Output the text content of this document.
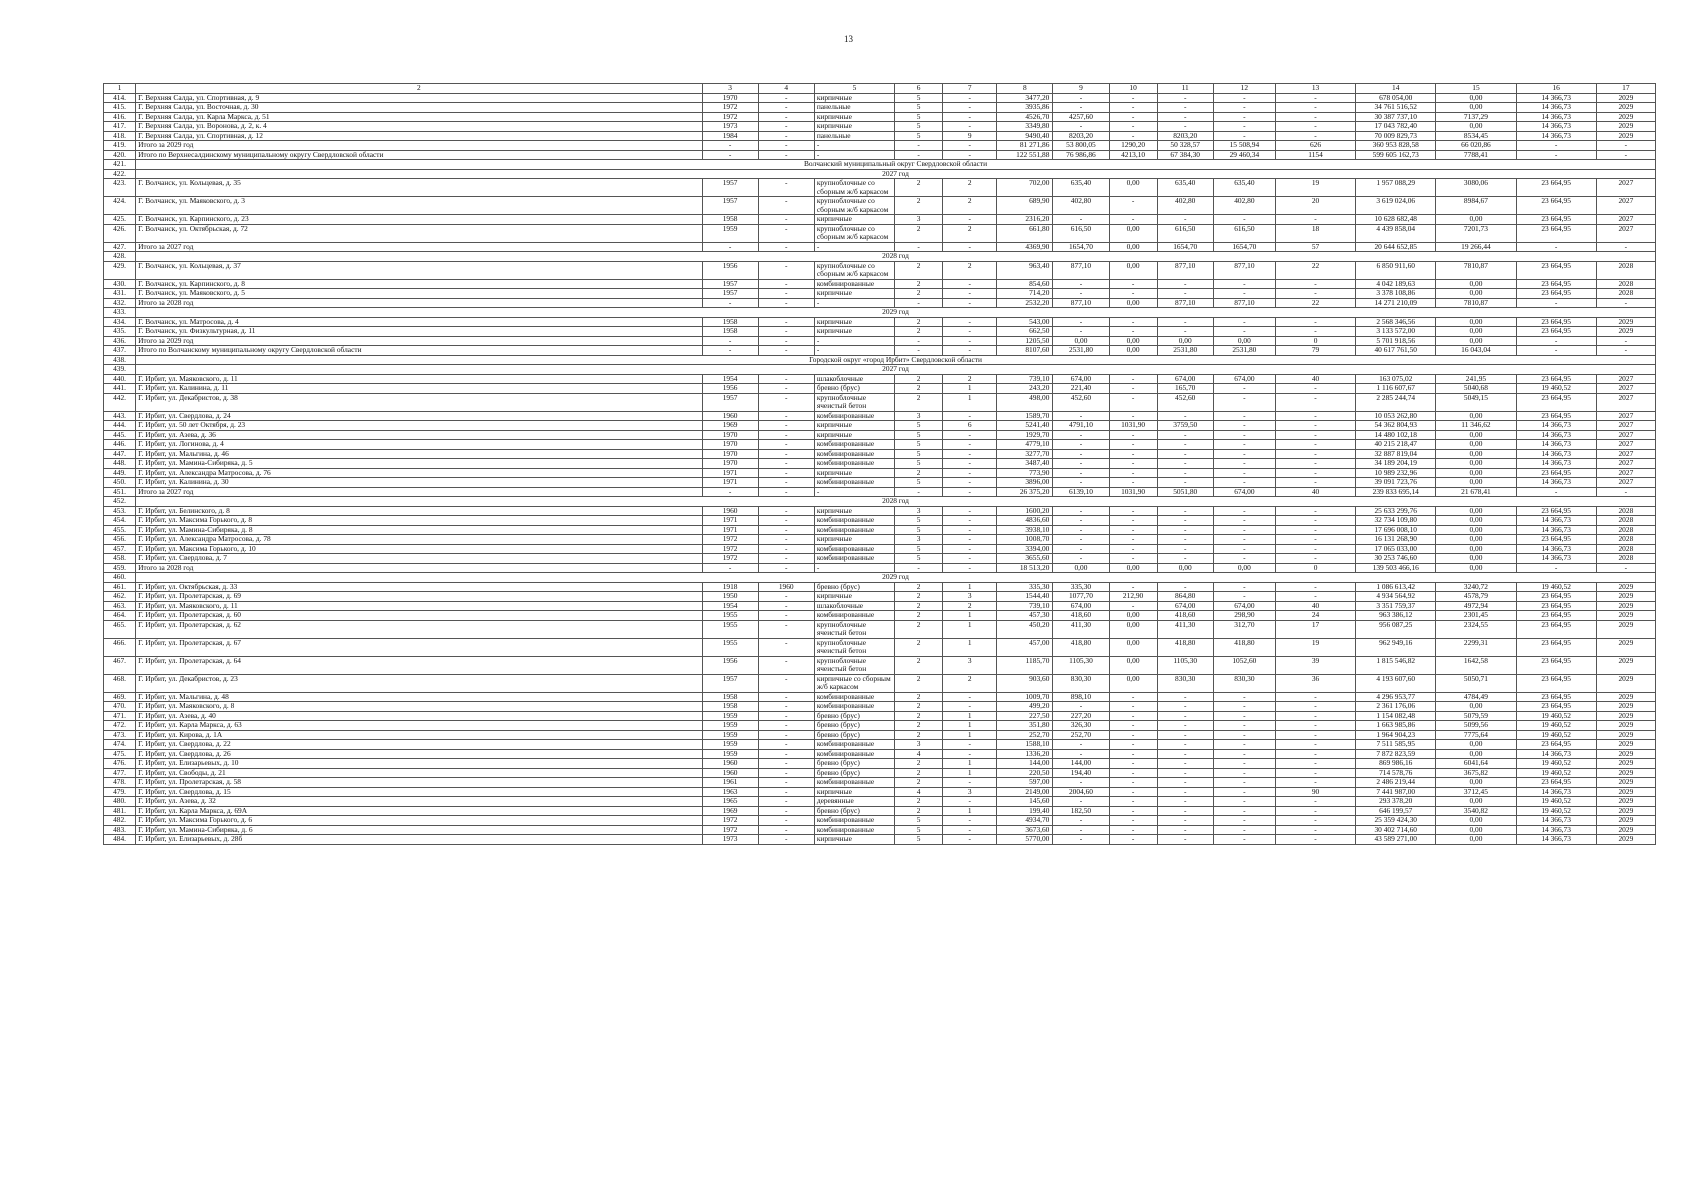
13
1	2	3	4	5	6	7	8	9	10	11	12	13	14	15	16	17
414.	Г. Верхняя Салда, ул. Спортивная, д. 9	1970	-	кирпичные	5	-	3477,20	-	-	-	-	-	678 054,00	0,00	14 366,73	2029
415.	Г. Верхняя Салда, ул. Восточная, д. 30	1972	-	панельные	5	-	3935,86	-	-	-	-	-	34 761 516,52	0,00	14 366,73	2029
416.	Г. Верхняя Салда, ул. Карла Маркса, д. 51	1972	-	кирпичные	5	-	4526,70	4257,60	-	-	-	-	30 387 737,10	7137,29	14 366,73	2029
417.	Г. Верхняя Салда, ул. Воронова, д. 2, к. 4	1973	-	кирпичные	5	-	3349,80	-	-	-	-	-	17 043 782,40	0,00	14 366,73	2029
418.	Г. Верхняя Салда, ул. Спортивная, д. 12	1984	-	панельные	5	9	9490,40	8203,20	-	8203,20	-	-	70 009 829,73	8534,45	14 366,73	2029
419.	Итого за 2029 год	-	-	-	-	-	81 271,86	53 800,05	1290,20	50 328,57	15 508,94	626	360 953 828,58	66 020,86	-	-
420.	Итого по Верхнесалдинскому муниципальному округу Свердловской области	-	-	-	-	-	122 551,88	76 986,86	4213,10	67 384,30	29 460,34	1154	599 605 162,73	7788,41	-	-
421.	Волчанский муниципальный округ Свердловской области															
422.	2027 год															
423.	Г. Волчанск, ул. Кольцевая, д. 35	1957	-	крупноблочные со сборным ж/б каркасом	2	2	702,00	635,40	0,00	635,40	635,40	19	1 957 088,29	3080,06	23 664,95	2027
424.	Г. Волчанск, ул. Маяковского, д. 3	1957	-	крупноблочные со сборным ж/б каркасом	2	2	689,90	402,80	-	402,80	402,80	20	3 619 024,06	8984,67	23 664,95	2027
425.	Г. Волчанск, ул. Карпинского, д. 23	1958	-	кирпичные	3	-	2316,20	-	-	-	-	-	10 628 682,48	0,00	23 664,95	2027
426.	Г. Волчанск, ул. Октябрьская, д. 72	1959	-	крупноблочные со сборным ж/б каркасом	2	2	661,80	616,50	0,00	616,50	616,50	18	4 439 858,04	7201,73	23 664,95	2027
427.	Итого за 2027 год	-	-	-	-	-	4369,90	1654,70	0,00	1654,70	1654,70	57	20 644 652,85	19 266,44	-	-
428.	2028 год															
429.	Г. Волчанск, ул. Кольцевая, д. 37	1956	-	крупноблочные со сборным ж/б каркасом	2	2	963,40	877,10	0,00	877,10	877,10	22	6 850 911,60	7810,87	23 664,95	2028
430.	Г. Волчанск, ул. Карпинского, д. 8	1957	-	комбинированные	2	-	854,60	-	-	-	-	-	4 042 189,63	0,00	23 664,95	2028
431.	Г. Волчанск, ул. Маяковского, д. 5	1957	-	кирпичные	2	-	714,20	-	-	-	-	-	3 378 108,86	0,00	23 664,95	2028
432.	Итого за 2028 год	-	-	-	-	-	2532,20	877,10	0,00	877,10	877,10	22	14 271 210,09	7810,87	-	-
433.	2029 год															
434.	Г. Волчанск, ул. Матросова, д. 4	1958	-	кирпичные	2	-	543,00	-	-	-	-	-	2 568 346,56	0,00	23 664,95	2029
435.	Г. Волчанск, ул. Физкультурная, д. 11	1958	-	кирпичные	2	-	662,50	-	-	-	-	-	3 133 572,00	0,00	23 664,95	2029
436.	Итого за 2029 год	-	-	-	-	-	1205,50	0,00	0,00	0,00	0,00	0	5 701 918,56	0,00	-	-
437.	Итого по Волчанскому муниципальному округу Свердловской области	-	-	-	-	-	8107,60	2531,80	0,00	2531,80	2531,80	79	40 617 761,50	16 043,04	-	-
438.	Городской округ «город Ирбит» Свердловской области															
439.	2027 год															
440.	Г. Ирбит, ул. Маяковского, д. 11	1954	-	шлакоблочные	2	2	739,10	674,00	-	674,00	674,00	40	163 075,02	241,95	23 664,95	2027
441.	Г. Ирбит, ул. Калинина, д. 11	1956	-	бревно (брус)	2	1	243,20	221,40	-	165,70	-	-	1 116 607,67	5040,68	19 460,52	2027
442.	Г. Ирбит, ул. Декабристов, д. 38	1957	-	крупноблочные ячеистый бетон	2	1	498,00	452,60	-	452,60	-	-	2 285 244,74	5049,15	23 664,95	2027
443.	Г. Ирбит, ул. Свердлова, д. 24	1960	-	комбинированные	3	-	1589,70	-	-	-	-	-	10 053 262,80	0,00	23 664,95	2027
444.	Г. Ирбит, ул. 50 лет Октября, д. 23	1969	-	кирпичные	5	6	5241,40	4791,10	1031,90	3759,50	-	-	54 362 804,93	11 346,62	14 366,73	2027
445.	Г. Ирбит, ул. Азева, д. 36	1970	-	кирпичные	5	-	1929,70	-	-	-	-	-	14 480 102,18	0,00	14 366,73	2027
446.	Г. Ирбит, ул. Логинова, д. 4	1970	-	комбинированные	5	-	4779,10	-	-	-	-	-	40 215 218,47	0,00	14 366,73	2027
447.	Г. Ирбит, ул. Мальгина, д. 46	1970	-	комбинированные	5	-	3277,70	-	-	-	-	-	32 887 819,04	0,00	14 366,73	2027
448.	Г. Ирбит, ул. Мамина-Сибиряка, д. 5	1970	-	комбинированные	5	-	3487,40	-	-	-	-	-	34 189 204,19	0,00	14 366,73	2027
449.	Г. Ирбит, ул. Александра Матросова, д. 76	1971	-	кирпичные	2	-	773,90	-	-	-	-	-	10 989 232,96	0,00	23 664,95	2027
450.	Г. Ирбит, ул. Калинина, д. 30	1971	-	комбинированные	5	-	3896,00	-	-	-	-	-	39 091 723,76	0,00	14 366,73	2027
451.	Итого за 2027 год	-	-	-	-	-	26 375,20	6139,10	1031,90	5051,80	674,00	40	239 833 695,14	21 678,41	-	-
452.	2028 год															
453.	Г. Ирбит, ул. Белинского, д. 8	1960	-	кирпичные	3	-	1600,20	-	-	-	-	-	25 633 299,76	0,00	23 664,95	2028
454.	Г. Ирбит, ул. Максима Горького, д. 8	1971	-	комбинированные	5	-	4836,60	-	-	-	-	-	32 734 109,80	0,00	14 366,73	2028
455.	Г. Ирбит, ул. Мамина-Сибиряка, д. 8	1971	-	комбинированные	5	-	3938,10	-	-	-	-	-	17 696 008,10	0,00	14 366,73	2028
456.	Г. Ирбит, ул. Александра Матросова, д. 78	1972	-	кирпичные	3	-	1008,70	-	-	-	-	-	16 131 268,90	0,00	23 664,95	2028
457.	Г. Ирбит, ул. Максима Горького, д. 10	1972	-	комбинированные	5	-	3394,00	-	-	-	-	-	17 065 033,00	0,00	14 366,73	2028
458.	Г. Ирбит, ул. Свердлова, д. 7	1972	-	комбинированные	5	-	3655,60	-	-	-	-	-	30 253 746,60	0,00	14 366,73	2028
459.	Итого за 2028 год	-	-	-	-	-	18 513,20	0,00	0,00	0,00	0,00	0	139 503 466,16	0,00	-	-
460.	2029 год															
461.	Г. Ирбит, ул. Октябрьская, д. 33	1918	1960	бревно (брус)	2	1	335,30	335,30	-	-	-	-	1 086 613,42	3240,72	19 460,52	2029
462.	Г. Ирбит, ул. Пролетарская, д. 69	1950	-	кирпичные	2	3	1544,40	1077,70	212,90	864,80	-	-	4 934 564,92	4578,79	23 664,95	2029
463.	Г. Ирбит, ул. Маяковского, д. 11	1954	-	шлакоблочные	2	2	739,10	674,00	-	674,00	674,00	40	3 351 759,37	4972,94	23 664,95	2029
464.	Г. Ирбит, ул. Пролетарская, д. 60	1955	-	комбинированные	2	1	457,30	418,60	0,00	418,60	298,90	24	963 386,12	2301,45	23 664,95	2029
465.	Г. Ирбит, ул. Пролетарская, д. 62	1955	-	крупноблочные ячеистый бетон	2	1	450,20	411,30	0,00	411,30	312,70	17	956 087,25	2324,55	23 664,95	2029
466.	Г. Ирбит, ул. Пролетарская, д. 67	1955	-	крупноблочные ячеистый бетон	2	1	457,00	418,80	0,00	418,80	418,80	19	962 949,16	2299,31	23 664,95	2029
467.	Г. Ирбит, ул. Пролетарская, д. 64	1956	-	крупноблочные ячеистый бетон	2	3	1185,70	1105,30	0,00	1105,30	1052,60	39	1 815 546,82	1642,58	23 664,95	2029
468.	Г. Ирбит, ул. Декабристов, д. 23	1957	-	кирпичные со сборным ж/б каркасом	2	2	903,60	830,30	0,00	830,30	830,30	36	4 193 607,60	5050,71	23 664,95	2029
469.	Г. Ирбит, ул. Мальгина, д. 48	1958	-	комбинированные	2	-	1009,70	898,10	-	-	-	-	4 296 953,77	4784,49	23 664,95	2029
470.	Г. Ирбит, ул. Маяковского, д. 8	1958	-	комбинированные	2	-	499,20	-	-	-	-	-	2 361 176,06	0,00	23 664,95	2029
471.	Г. Ирбит, ул. Азева, д. 40	1959	-	бревно (брус)	2	1	227,50	227,20	-	-	-	-	1 154 082,48	5079,59	19 460,52	2029
472.	Г. Ирбит, ул. Карла Маркса, д. 63	1959	-	бревно (брус)	2	1	351,80	326,30	-	-	-	-	1 663 985,86	5099,56	19 460,52	2029
473.	Г. Ирбит, ул. Кирова, д. 1А	1959	-	бревно (брус)	2	1	252,70	252,70	-	-	-	-	1 964 904,23	7775,64	19 460,52	2029
474.	Г. Ирбит, ул. Свердлова, д. 22	1959	-	комбинированные	3	-	1588,10	-	-	-	-	-	7 511 585,95	0,00	23 664,95	2029
475.	Г. Ирбит, ул. Свердлова, д. 26	1959	-	комбинированные	4	-	1336,20	-	-	-	-	-	7 872 823,59	0,00	14 366,73	2029
476.	Г. Ирбит, ул. Елизарьевых, д. 10	1960	-	бревно (брус)	2	1	144,00	144,00	-	-	-	-	869 986,16	6041,64	19 460,52	2029
477.	Г. Ирбит, ул. Свободы, д. 21	1960	-	бревно (брус)	2	1	220,50	194,40	-	-	-	-	714 578,76	3675,82	19 460,52	2029
478.	Г. Ирбит, ул. Пролетарская, д. 58	1961	-	комбинированные	2	-	597,00	-	-	-	-	-	2 486 219,44	0,00	23 664,95	2029
479.	Г. Ирбит, ул. Свердлова, д. 15	1963	-	кирпичные	4	3	2149,00	2004,60	-	-	-	90	7 441 987,00	3712,45	14 366,73	2029
480.	Г. Ирбит, ул. Азева, д. 32	1965	-	деревянные	2	-	145,60	-	-	-	-	-	293 378,20	0,00	19 460,52	2029
481.	Г. Ирбит, ул. Карла Маркса, д. 69А	1969	-	бревно (брус)	2	1	199,40	182,50	-	-	-	-	646 199,57	3540,82	19 460,52	2029
482.	Г. Ирбит, ул. Максима Горького, д. 6	1972	-	комбинированные	5	-	4934,70	-	-	-	-	-	25 359 424,30	0,00	14 366,73	2029
483.	Г. Ирбит, ул. Мамина-Сибиряка, д. 6	1972	-	комбинированные	5	-	3673,60	-	-	-	-	-	30 402 714,60	0,00	14 366,73	2029
484.	Г. Ирбит, ул. Елизарьевых, д. 28б	1973	-	кирпичные	5	-	5770,00	-	-	-	-	-	43 589 271,00	0,00	14 366,73	2029
